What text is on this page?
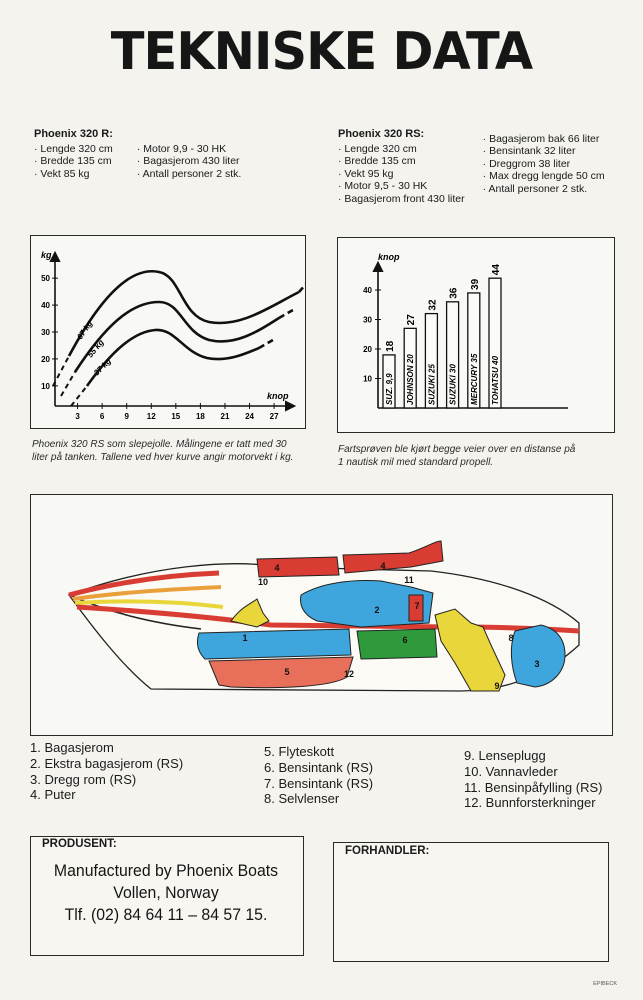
TEKNISKE DATA
Phoenix 320 R:
· Lengde 320 cm
· Bredde 135 cm
· Vekt 85 kg
· Motor 9,9 - 30 HK
· Bagasjerom 430 liter
· Antall personer 2 stk.
Phoenix 320 RS:
· Lengde 320 cm
· Bredde 135 cm
· Vekt 95 kg
· Motor 9,5 - 30 HK
· Bagasjerom front 430 liter
· Bagasjerom bak 66 liter
· Bensintank 32 liter
· Dreggrom 38 liter
· Max dregg lengde 50 cm
· Antall personer 2 stk.
kg
knop
10
20
30
40
50
3	6	9 12 15 18 21 24 27
67 kg
55 kg
37 kg
knop
10
20
30
40
SUZ. 9,9
18
JOHNSON 20
27
SUZUKI 25
32
SUZUKI 30
36
MERCURY 35
39
TOHATSU 40
44
Phoenix 320 RS som slepejolle. Målingene er tatt med 30
liter på tanken. Tallene ved hver kurve angir motorvekt i kg.
Fartsprøven ble kjørt begge veier over en distanse på
1 nautisk mil med standard propell.
1
2
3
4	4
5
6
7
8
9
10	11
12
1. Bagasjerom
2. Ekstra bagasjerom (RS)
3. Dregg rom (RS)
4. Puter
5. Flyteskott
6. Bensintank (RS)
7. Bensintank (RS)
8. Selvlenser
9. Lenseplugg
10. Vannavleder
11. Bensinpåfylling (RS)
12. Bunnforsterkninger
PRODUSENT:
Manufactured by Phoenix Boats
Vollen, Norway
Tlf. (02) 84 64 11 – 84 57 15.
FORHANDLER:
EPIBECK
